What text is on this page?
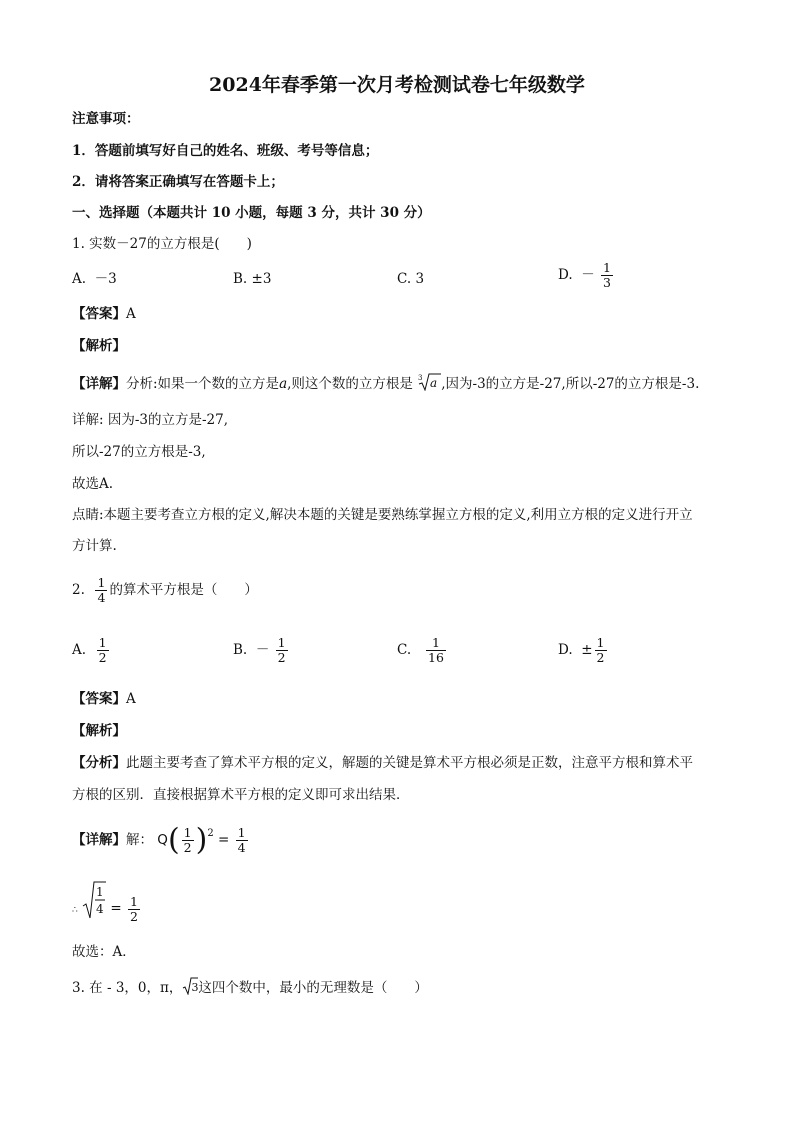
2024年春季第一次月考检测试卷七年级数学
注意事项：
1．答题前填写好自己的姓名、班级、考号等信息；
2．请将答案正确填写在答题卡上；
一、选择题（本题共计 10 小题，每题 3 分，共计 30 分）
1. 实数－27的立方根是(　　)
A. －3	B. ±3	C. 3	D. － $\frac{1}{3}$
【答案】A
【解析】
【详解】分析:如果一个数的立方是a,则这个数的立方根是 3 a ,因为-3的立方是-27,所以-27的立方根是-3.
详解: 因为-3的立方是-27,
所以-27的立方根是-3,
故选A.
点睛:本题主要考查立方根的定义,解决本题的关键是要熟练掌握立方根的定义,利用立方根的定义进行开立
方计算.
2. $\frac{1}{4}$ 的算术平方根是（　　）
A. $\frac{1}{2}$	B. － $\frac{1}{2}$	C. $\frac{1}{16}$	D. ± $\frac{1}{2}$
【答案】A
【解析】
【分析】此题主要考查了算术平方根的定义，解题的关键是算术平方根必须是正数，注意平方根和算术平
方根的区别．直接根据算术平方根的定义即可求出结果．
【详解】解： $Q( \frac{1}{2} )^2 = \frac{1}{4}$
∴
1
$4 = \frac{1}{2}$
故选：A．
3. 在 - 3，0，π， 3 这四个数中，最小的无理数是（　　）
